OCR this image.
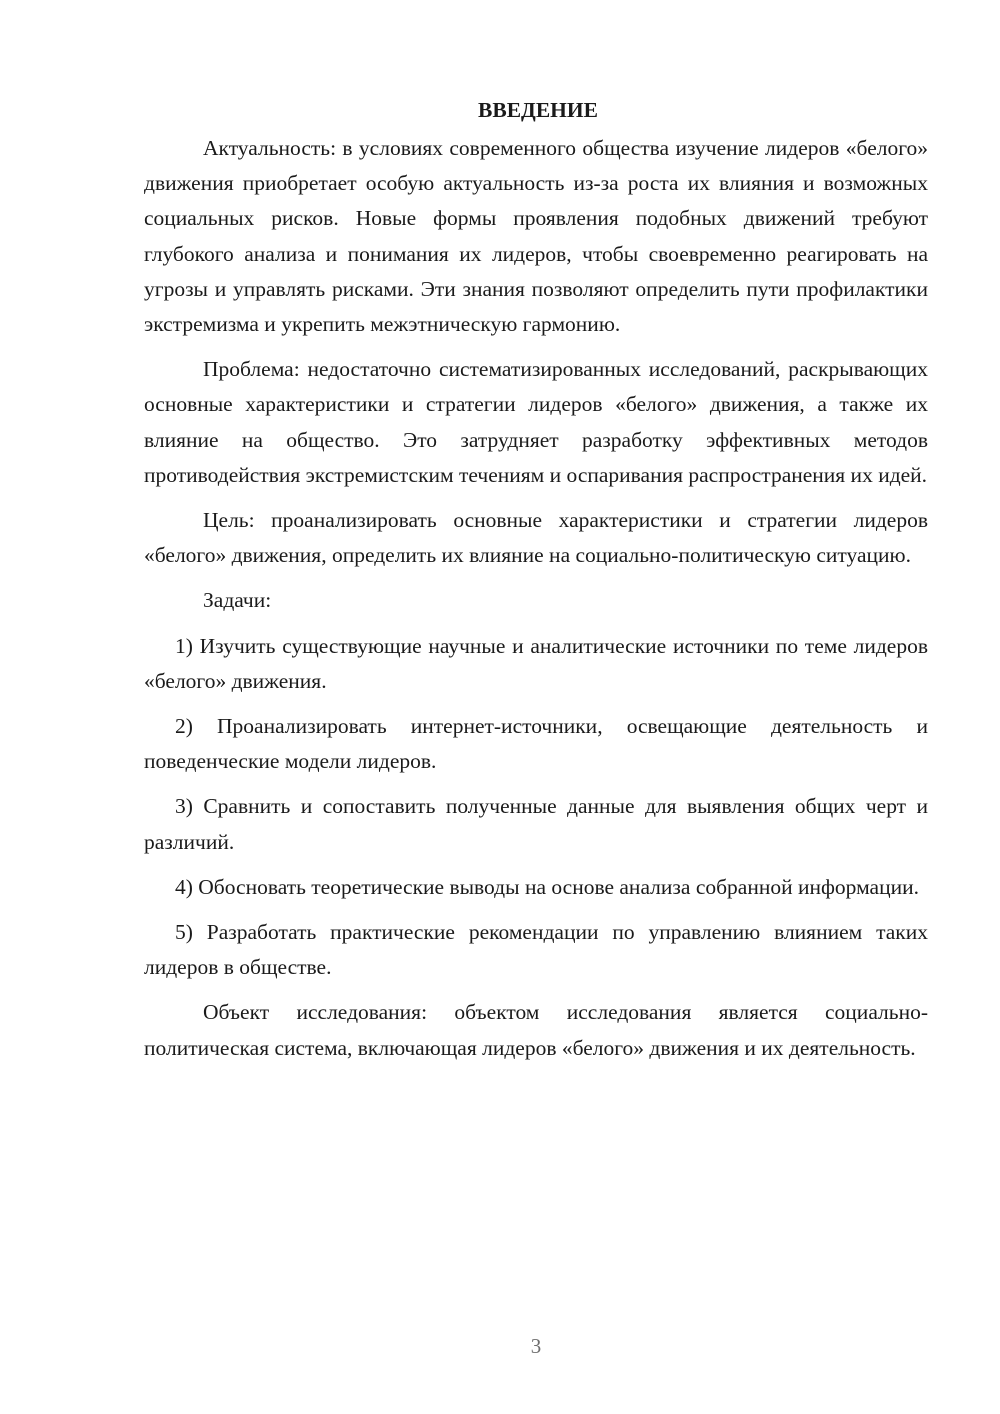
ВВЕДЕНИЕ

Актуальность: в условиях современного общества изучение лидеров «белого» движения приобретает особую актуальность из-за роста их влияния и возможных социальных рисков. Новые формы проявления подобных движений требуют глубокого анализа и понимания их лидеров, чтобы своевременно реагировать на угрозы и управлять рисками. Эти знания позволяют определить пути профилактики экстремизма и укрепить межэтническую гармонию.

Проблема: недостаточно систематизированных исследований, раскрывающих основные характеристики и стратегии лидеров «белого» движения, а также их влияние на общество. Это затрудняет разработку эффективных методов противодействия экстремистским течениям и оспаривания распространения их идей.

Цель: проанализировать основные характеристики и стратегии лидеров «белого» движения, определить их влияние на социально-политическую ситуацию.

Задачи:

1) Изучить существующие научные и аналитические источники по теме лидеров «белого» движения.

2) Проанализировать интернет-источники, освещающие деятельность и поведенческие модели лидеров.

3) Сравнить и сопоставить полученные данные для выявления общих черт и различий.

4) Обосновать теоретические выводы на основе анализа собранной информации.

5) Разработать практические рекомендации по управлению влиянием таких лидеров в обществе.

Объект исследования: объектом исследования является социально-политическая система, включающая лидеров «белого» движения и их деятельность.

3
